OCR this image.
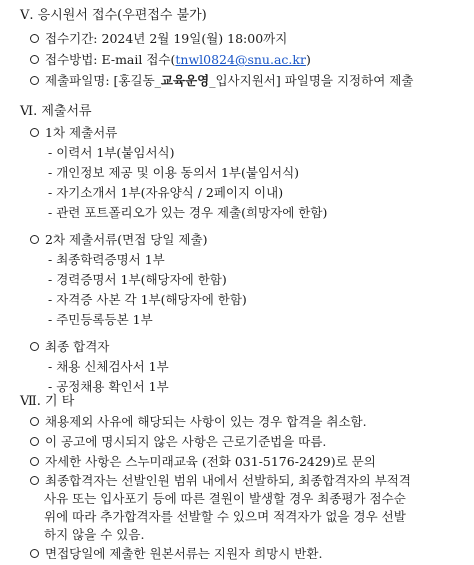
Ⅴ. 응시원서 접수(우편접수 불가)
접수기간: 2024년 2월 19일(월) 18:00까지
접수방법: E-mail 접수(tnwl0824@snu.ac.kr)
제출파일명: [홍길동_교육운영_입사지원서] 파일명을 지정하여 제출
Ⅵ. 제출서류
1차 제출서류
- 이력서 1부(붙임서식)
- 개인정보 제공 및 이용 동의서 1부(붙임서식)
- 자기소개서 1부(자유양식 / 2페이지 이내)
- 관련 포트폴리오가 있는 경우 제출(희망자에 한함)
2차 제출서류(면접 당일 제출)
- 최종학력증명서 1부
- 경력증명서 1부(해당자에 한함)
- 자격증 사본 각 1부(해당자에 한함)
- 주민등록등본 1부
최종 합격자
- 채용 신체검사서 1부
- 공정채용 확인서 1부
Ⅶ. 기 타
채용제외 사유에 해당되는 사항이 있는 경우 합격을 취소함.
이 공고에 명시되지 않은 사항은 근로기준법을 따름.
자세한 사항은 스누미래교육 (전화 031-5176-2429)로 문의
최종합격자는 선발인원 범위 내에서 선발하되, 최종합격자의 부적격
사유 또는 입사포기 등에 따른 결원이 발생할 경우 최종평가 점수순
위에 따라 추가합격자를 선발할 수 있으며 적격자가 없을 경우 선발
하지 않을 수 있음.
면접당일에 제출한 원본서류는 지원자 희망시 반환.
